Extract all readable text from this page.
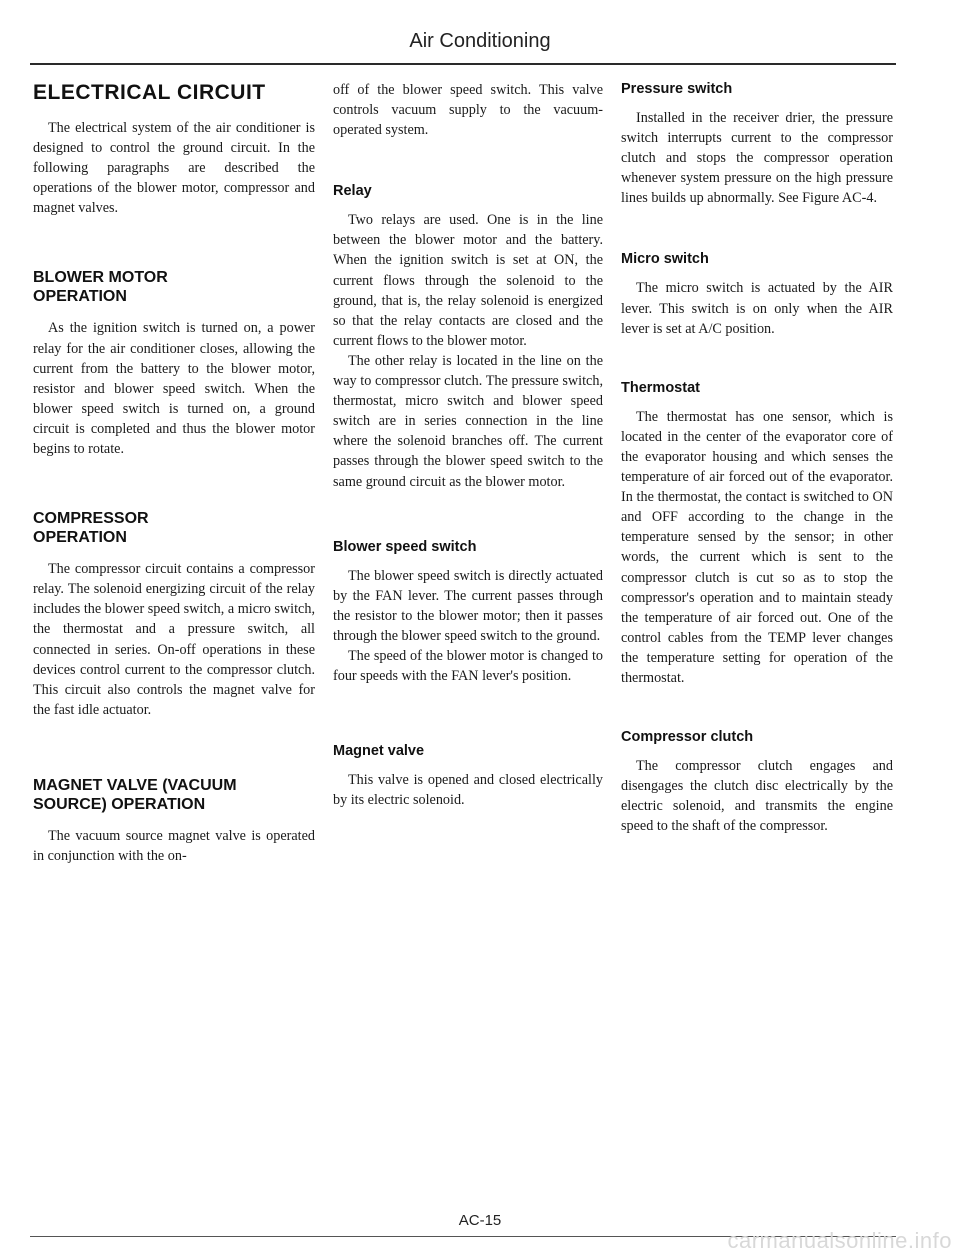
Air Conditioning
ELECTRICAL CIRCUIT

The electrical system of the air conditioner is designed to control the ground circuit. In the following paragraphs are described the operations of the blower motor, compressor and magnet valves.

BLOWER MOTOR OPERATION

As the ignition switch is turned on, a power relay for the air conditioner closes, allowing the current from the battery to the blower motor, resistor and blower speed switch. When the blower speed switch is turned on, a ground circuit is completed and thus the blower motor begins to rotate.

COMPRESSOR OPERATION

The compressor circuit contains a compressor relay. The solenoid energizing circuit of the relay includes the blower speed switch, a micro switch, the thermostat and a pressure switch, all connected in series. On-off operations in these devices control current to the compressor clutch. This circuit also controls the magnet valve for the fast idle actuator.

MAGNET VALVE (VACUUM SOURCE) OPERATION

The vacuum source magnet valve is operated in conjunction with the on-

off of the blower speed switch. This valve controls vacuum supply to the vacuum-operated system.

Relay

Two relays are used. One is in the line between the blower motor and the battery. When the ignition switch is set at ON, the current flows through the solenoid to the ground, that is, the relay solenoid is energized so that the relay contacts are closed and the current flows to the blower motor.

The other relay is located in the line on the way to compressor clutch. The pressure switch, thermostat, micro switch and blower speed switch are in series connection in the line where the solenoid branches off. The current passes through the blower speed switch to the same ground circuit as the blower motor.

Blower speed switch

The blower speed switch is directly actuated by the FAN lever. The current passes through the resistor to the blower motor; then it passes through the blower speed switch to the ground.

The speed of the blower motor is changed to four speeds with the FAN lever's position.

Magnet valve

This valve is opened and closed electrically by its electric solenoid.

Pressure switch

Installed in the receiver drier, the pressure switch interrupts current to the compressor clutch and stops the compressor operation whenever system pressure on the high pressure lines builds up abnormally. See Figure AC-4.

Micro switch

The micro switch is actuated by the AIR lever. This switch is on only when the AIR lever is set at A/C position.

Thermostat

The thermostat has one sensor, which is located in the center of the evaporator core of the evaporator housing and which senses the temperature of air forced out of the evaporator. In the thermostat, the contact is switched to ON and OFF according to the change in the temperature sensed by the sensor; in other words, the current which is sent to the compressor clutch is cut so as to stop the compressor's operation and to maintain steady the temperature of air forced out. One of the control cables from the TEMP lever changes the temperature setting for operation of the thermostat.

Compressor clutch

The compressor clutch engages and disengages the clutch disc electrically by the electric solenoid, and transmits the engine speed to the shaft of the compressor.

AC-15
carmanualsonline.info
